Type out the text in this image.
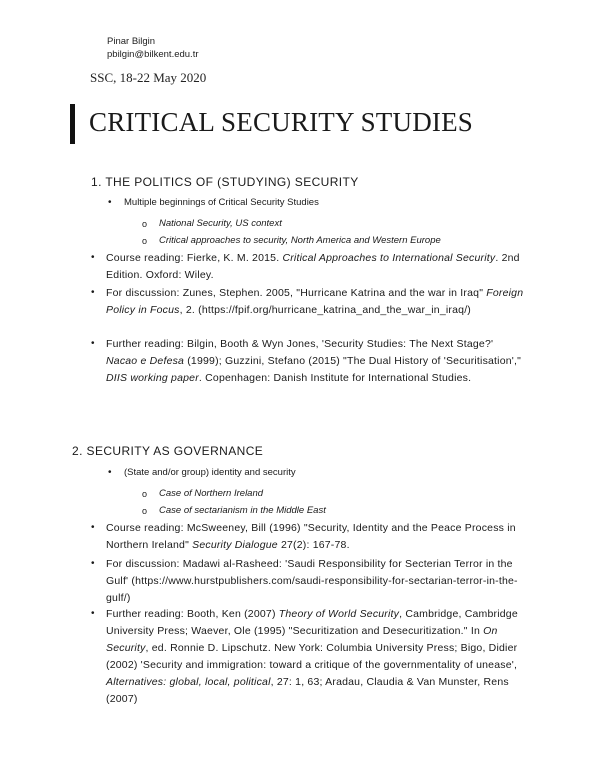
Pinar Bilgin
pbilgin@bilkent.edu.tr
SSC, 18-22 May 2020
CRITICAL SECURITY STUDIES
1. THE POLITICS OF (STUDYING) SECURITY
• Multiple beginnings of Critical Security Studies
o National Security, US context
o Critical approaches to security, North America and Western Europe
• Course reading: Fierke, K. M. 2015. Critical Approaches to International Security. 2nd Edition. Oxford: Wiley.
• For discussion: Zunes, Stephen. 2005, "Hurricane Katrina and the war in Iraq" Foreign Policy in Focus, 2. (https://fpif.org/hurricane_katrina_and_the_war_in_iraq/)
• Further reading: Bilgin, Booth & Wyn Jones, 'Security Studies: The Next Stage?' Nacao e Defesa (1999); Guzzini, Stefano (2015) "The Dual History of 'Securitisation'," DIIS working paper. Copenhagen: Danish Institute for International Studies.
2. SECURITY AS GOVERNANCE
• (State and/or group) identity and security
o Case of Northern Ireland
o Case of sectarianism in the Middle East
• Course reading: McSweeney, Bill (1996) "Security, Identity and the Peace Process in Northern Ireland" Security Dialogue 27(2): 167-78.
• For discussion: Madawi al-Rasheed: 'Saudi Responsibility for Secterian Terror in the Gulf' (https://www.hurstpublishers.com/saudi-responsibility-for-sectarian-terror-in-the-gulf/)
• Further reading: Booth, Ken (2007) Theory of World Security, Cambridge, Cambridge University Press; Waever, Ole (1995) "Securitization and Desecuritization." In On Security, ed. Ronnie D. Lipschutz. New York: Columbia University Press; Bigo, Didier (2002) 'Security and immigration: toward a critique of the governmentality of unease', Alternatives: global, local, political, 27: 1, 63; Aradau, Claudia & Van Munster, Rens (2007)
